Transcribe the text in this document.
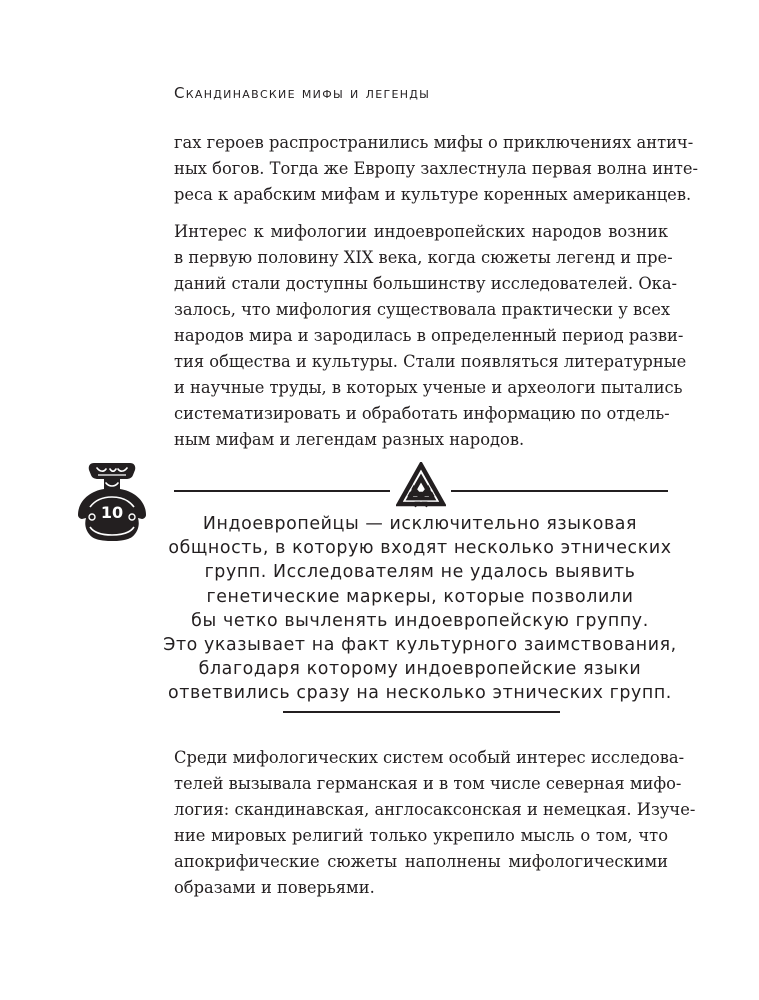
Скандинавские мифы и легенды
гах героев распространились мифы о приключениях антич-
ных богов. Тогда же Европу захлестнула первая волна инте-
реса к арабским мифам и культуре коренных американцев.
Интерес к мифологии индоевропейских народов возник
в первую половину XIX века, когда сюжеты легенд и пре-
даний стали доступны большинству исследователей. Ока-
залось, что мифология существовала практически у всех
народов мира и зародилась в определенный период разви-
тия общества и культуры. Стали появляться литературные
и научные труды, в которых ученые и археологи пытались
систематизировать и обработать информацию по отдель-
ным мифам и легендам разных народов.
10
Индоевропейцы — исключительно языковая
общность, в которую входят несколько этнических
групп. Исследователям не удалось выявить
генетические маркеры, которые позволили
бы четко вычленять индоевропейскую группу.
Это указывает на факт культурного заимствования,
благодаря которому индоевропейские языки
ответвились сразу на несколько этнических групп.
Среди мифологических систем особый интерес исследова-
телей вызывала германская и в том числе северная мифо-
логия: скандинавская, англосаксонская и немецкая. Изуче-
ние мировых религий только укрепило мысль о том, что
апокрифические сюжеты наполнены мифологическими
образами и поверьями.
